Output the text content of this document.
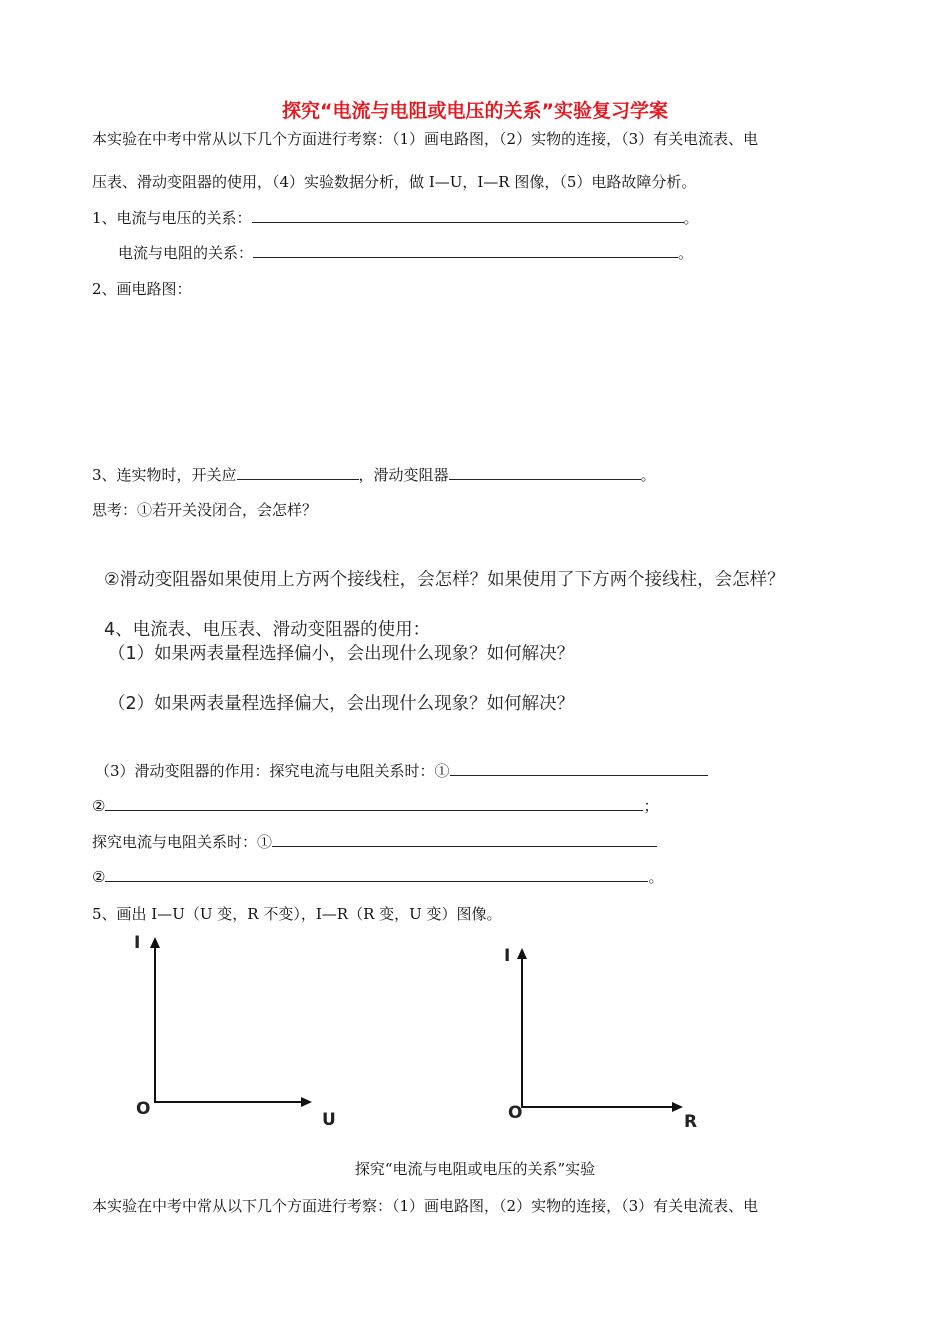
探究“电流与电阻或电压的关系”实验复习学案
本实验在中考中常从以下几个方面进行考察：（1）画电路图，（2）实物的连接，（3）有关电流表、电
压表、滑动变阻器的使用，（4）实验数据分析，做 I—U，I—R 图像，（5）电路故障分析。
1、电流与电压的关系：	。
电流与电阻的关系：	。
2、画电路图：
3、连实物时，开关应	，滑动变阻器	。
思考：①若开关没闭合，会怎样？
②滑动变阻器如果使用上方两个接线柱，会怎样？如果使用了下方两个接线柱，会怎样？
4、电流表、电压表、滑动变阻器的使用：
（1）如果两表量程选择偏小，会出现什么现象？如何解决？
（2）如果两表量程选择偏大，会出现什么现象？如何解决？
（3）滑动变阻器的作用：探究电流与电阻关系时：①
②	；
探究电流与电阻关系时：①
②	。
5、画出 I—U（U 变，R 不变），I—R（R 变，U 变）图像。
I
O
U
I
O	R
探究“电流与电阻或电压的关系”实验
本实验在中考中常从以下几个方面进行考察：（1）画电路图，（2）实物的连接，（3）有关电流表、电
